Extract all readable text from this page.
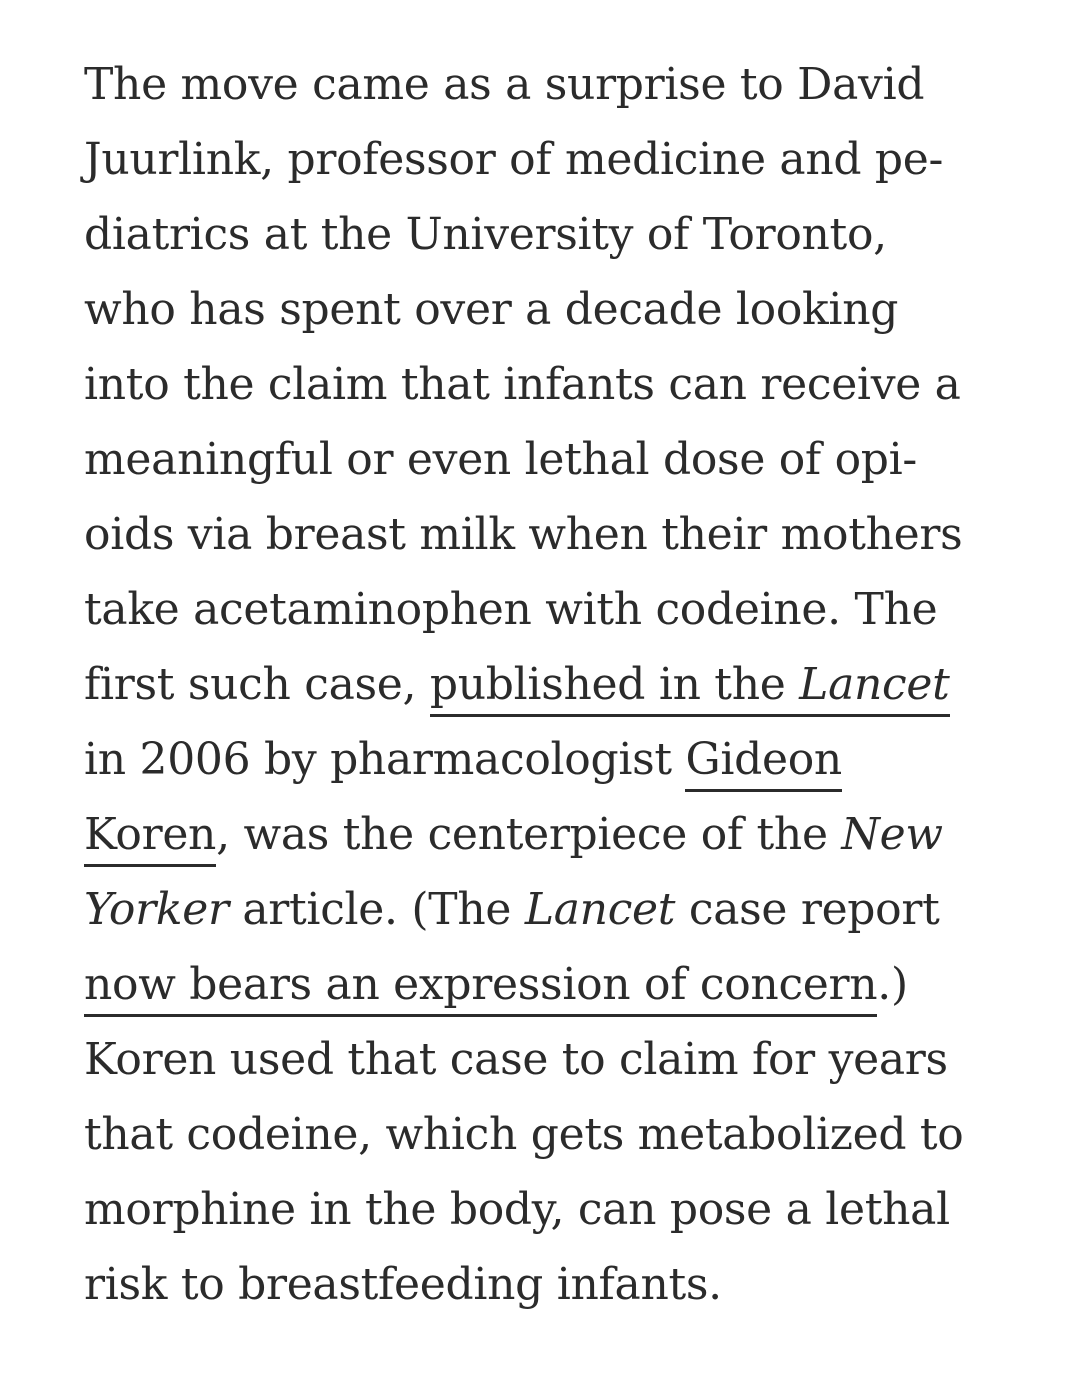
The move came as a surprise to David
Juurlink, professor of medicine and pe-
diatrics at the University of Toronto,
who has spent over a decade looking
into the claim that infants can receive a
meaningful or even lethal dose of opi-
oids via breast milk when their mothers
take acetaminophen with codeine. The
first such case, published in the Lancet
in 2006 by pharmacologist Gideon
Koren, was the centerpiece of the New
Yorker article. (The Lancet case report
now bears an expression of concern.)
Koren used that case to claim for years
that codeine, which gets metabolized to
morphine in the body, can pose a lethal
risk to breastfeeding infants.
